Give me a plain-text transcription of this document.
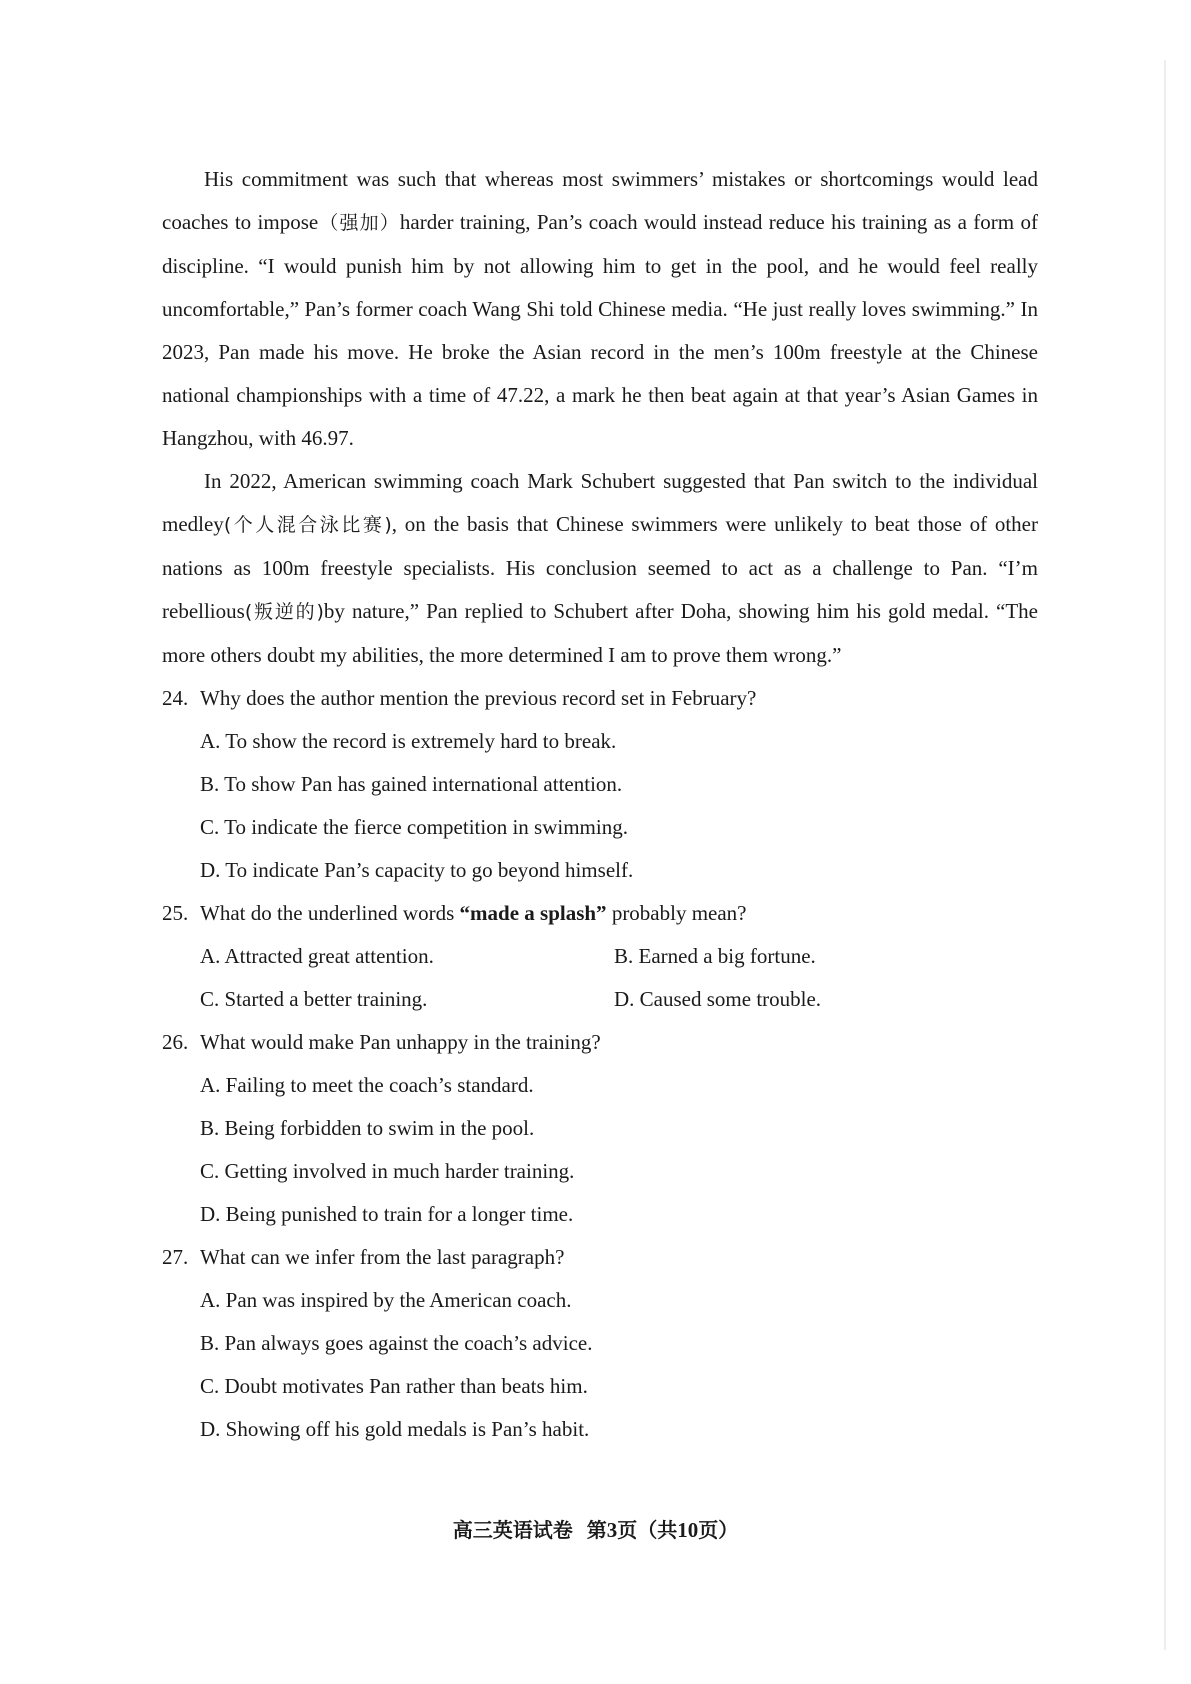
His commitment was such that whereas most swimmers’ mistakes or shortcomings would lead coaches to impose（强加）harder training, Pan’s coach would instead reduce his training as a form of discipline. “I would punish him by not allowing him to get in the pool, and he would feel really uncomfortable,” Pan’s former coach Wang Shi told Chinese media. “He just really loves swimming.” In 2023, Pan made his move. He broke the Asian record in the men’s 100m freestyle at the Chinese national championships with a time of 47.22, a mark he then beat again at that year’s Asian Games in Hangzhou, with 46.97.

In 2022, American swimming coach Mark Schubert suggested that Pan switch to the individual medley(个人混合泳比赛), on the basis that Chinese swimmers were unlikely to beat those of other nations as 100m freestyle specialists. His conclusion seemed to act as a challenge to Pan. “I’m rebellious(叛逆的)by nature,” Pan replied to Schubert after Doha, showing him his gold medal. “The more others doubt my abilities, the more determined I am to prove them wrong.”

24. Why does the author mention the previous record set in February?
A. To show the record is extremely hard to break.
B. To show Pan has gained international attention.
C. To indicate the fierce competition in swimming.
D. To indicate Pan’s capacity to go beyond himself.
25. What do the underlined words “made a splash” probably mean?
A. Attracted great attention.	B. Earned a big fortune.
C. Started a better training.	D. Caused some trouble.
26. What would make Pan unhappy in the training?
A. Failing to meet the coach’s standard.
B. Being forbidden to swim in the pool.
C. Getting involved in much harder training.
D. Being punished to train for a longer time.
27. What can we infer from the last paragraph?
A. Pan was inspired by the American coach.
B. Pan always goes against the coach’s advice.
C. Doubt motivates Pan rather than beats him.
D. Showing off his gold medals is Pan’s habit.
高三英语试卷 第3页（共10页）
